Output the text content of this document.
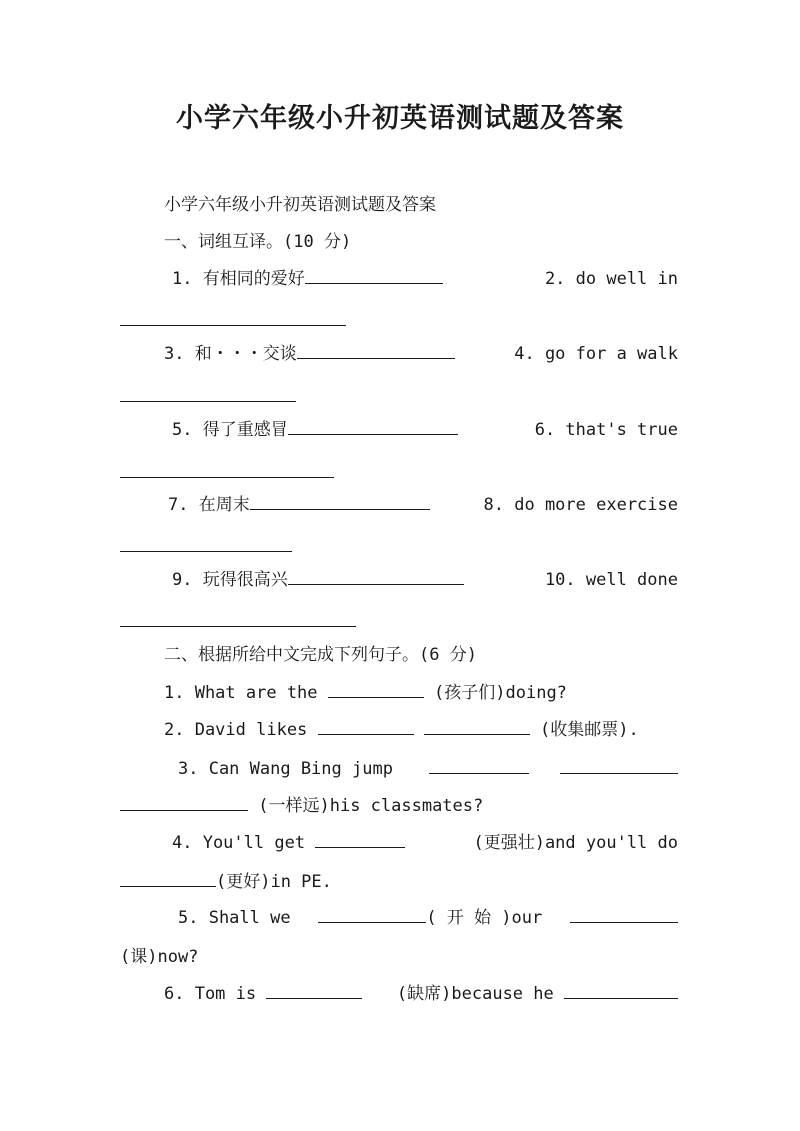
小学六年级小升初英语测试题及答案
小学六年级小升初英语测试题及答案
一、词组互译。(10 分)
1. 有相同的爱好	2. do well in
3. 和・・・交谈	4. go for a walk
5. 得了重感冒	6. that's true
7. 在周末	8. do more exercise
9. 玩得很高兴	10. well done
二、根据所给中文完成下列句子。(6 分)
1. What are the	(孩子们)doing?
2. David likes	(收集邮票).
3. Can Wang Bing jump

(一样远)his classmates?
4. You'll get	(更强壮)and you'll do
(更好)in PE.
5. Shall we	( 开 始 )our
(课)now?
6. Tom is	(缺席)because he
